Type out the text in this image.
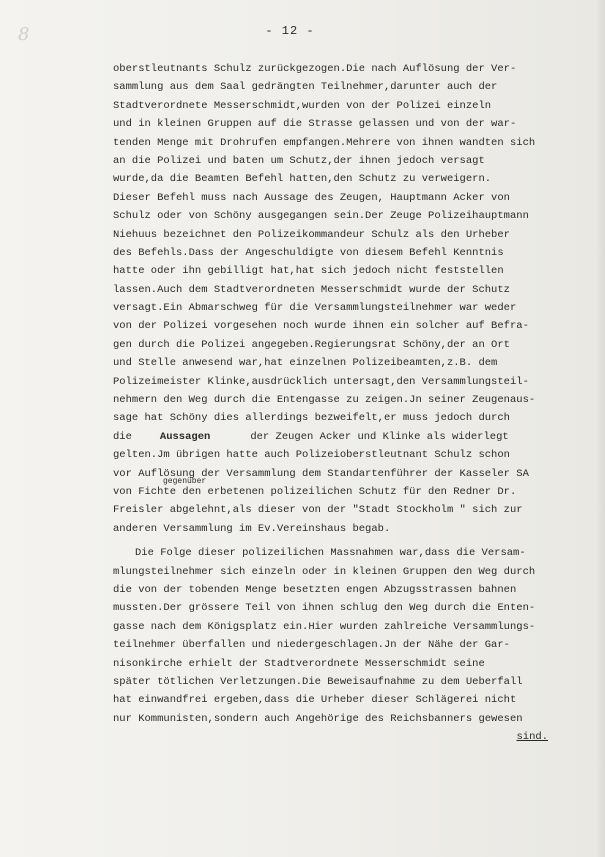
8	- 12 -
oberstleutnants Schulz zurückgezogen.Die nach Auflösung der Ver-
sammlung aus dem Saal gedrängten Teilnehmer,darunter auch der
Stadtverordnete Messerschmidt,wurden von der Polizei einzeln
und in kleinen Gruppen auf die Strasse gelassen und von der war-
tenden Menge mit Drohrufen empfangen.Mehrere von ihnen wandten sich
an die Polizei und baten um Schutz,der ihnen jedoch versagt
wurde,da die Beamten Befehl hatten,den Schutz zu verweigern.
Dieser Befehl muss nach Aussage des Zeugen, Hauptmann Acker von
Schulz oder von Schöny ausgegangen sein.Der Zeuge Polizeihauptmann
Niehuus bezeichnet den Polizeikommandeur Schulz als den Urheber
des Befehls.Dass der Angeschuldigte von diesem Befehl Kenntnis
hatte oder ihn gebilligt hat,hat sich jedoch nicht feststellen
lassen.Auch dem Stadtverordneten Messerschmidt wurde der Schutz
versagt.Ein Abmarschweg für die Versammlungsteilnehmer war weder
von der Polizei vorgesehen noch wurde ihnen ein solcher auf Befra-
gen durch die Polizei angegeben.Regierungsrat Schöny,der an Ort
und Stelle anwesend war,hat einzelnen Polizeibeamten,z.B. dem
Polizeimeister Klinke,ausdrücklich untersagt,den Versammlungsteil-
nehmern den Weg durch die Entengasse zu zeigen.Jn seiner Zeugenaus-
sage hat Schöny dies allerdings bezweifelt,er muss jedoch durch
die	Aussagen	der Zeugen Acker und Klinke als widerlegt
gelten.Jm übrigen hatte auch Polizeioberstleutnant Schulz schon
vor Auflösung der Versammlung dem Standartenführer der Kasseler SA
gegenüber
von Fichte den erbetenen polizeilichen Schutz für den Redner Dr.
Freisler abgelehnt,als dieser von der "Stadt Stockholm " sich zur
anderen Versammlung im Ev.Vereinshaus begab.
Die Folge dieser polizeilichen Massnahmen war,dass die Versam-
mlungsteilnehmer sich einzeln oder in kleinen Gruppen den Weg durch
die von der tobenden Menge besetzten engen Abzugsstrassen bahnen
mussten.Der grössere Teil von ihnen schlug den Weg durch die Enten-
gasse nach dem Königsplatz ein.Hier wurden zahlreiche Versammlungs-
teilnehmer überfallen und niedergeschlagen.Jn der Nähe der Gar-
nisonkirche erhielt der Stadtverordnete Messerschmidt seine
später tötlichen Verletzungen.Die Beweisaufnahme zu dem Ueberfall
hat einwandfrei ergeben,dass die Urheber dieser Schlägerei nicht
nur Kommunisten,sondern auch Angehörige des Reichsbanners gewesen
sind.
